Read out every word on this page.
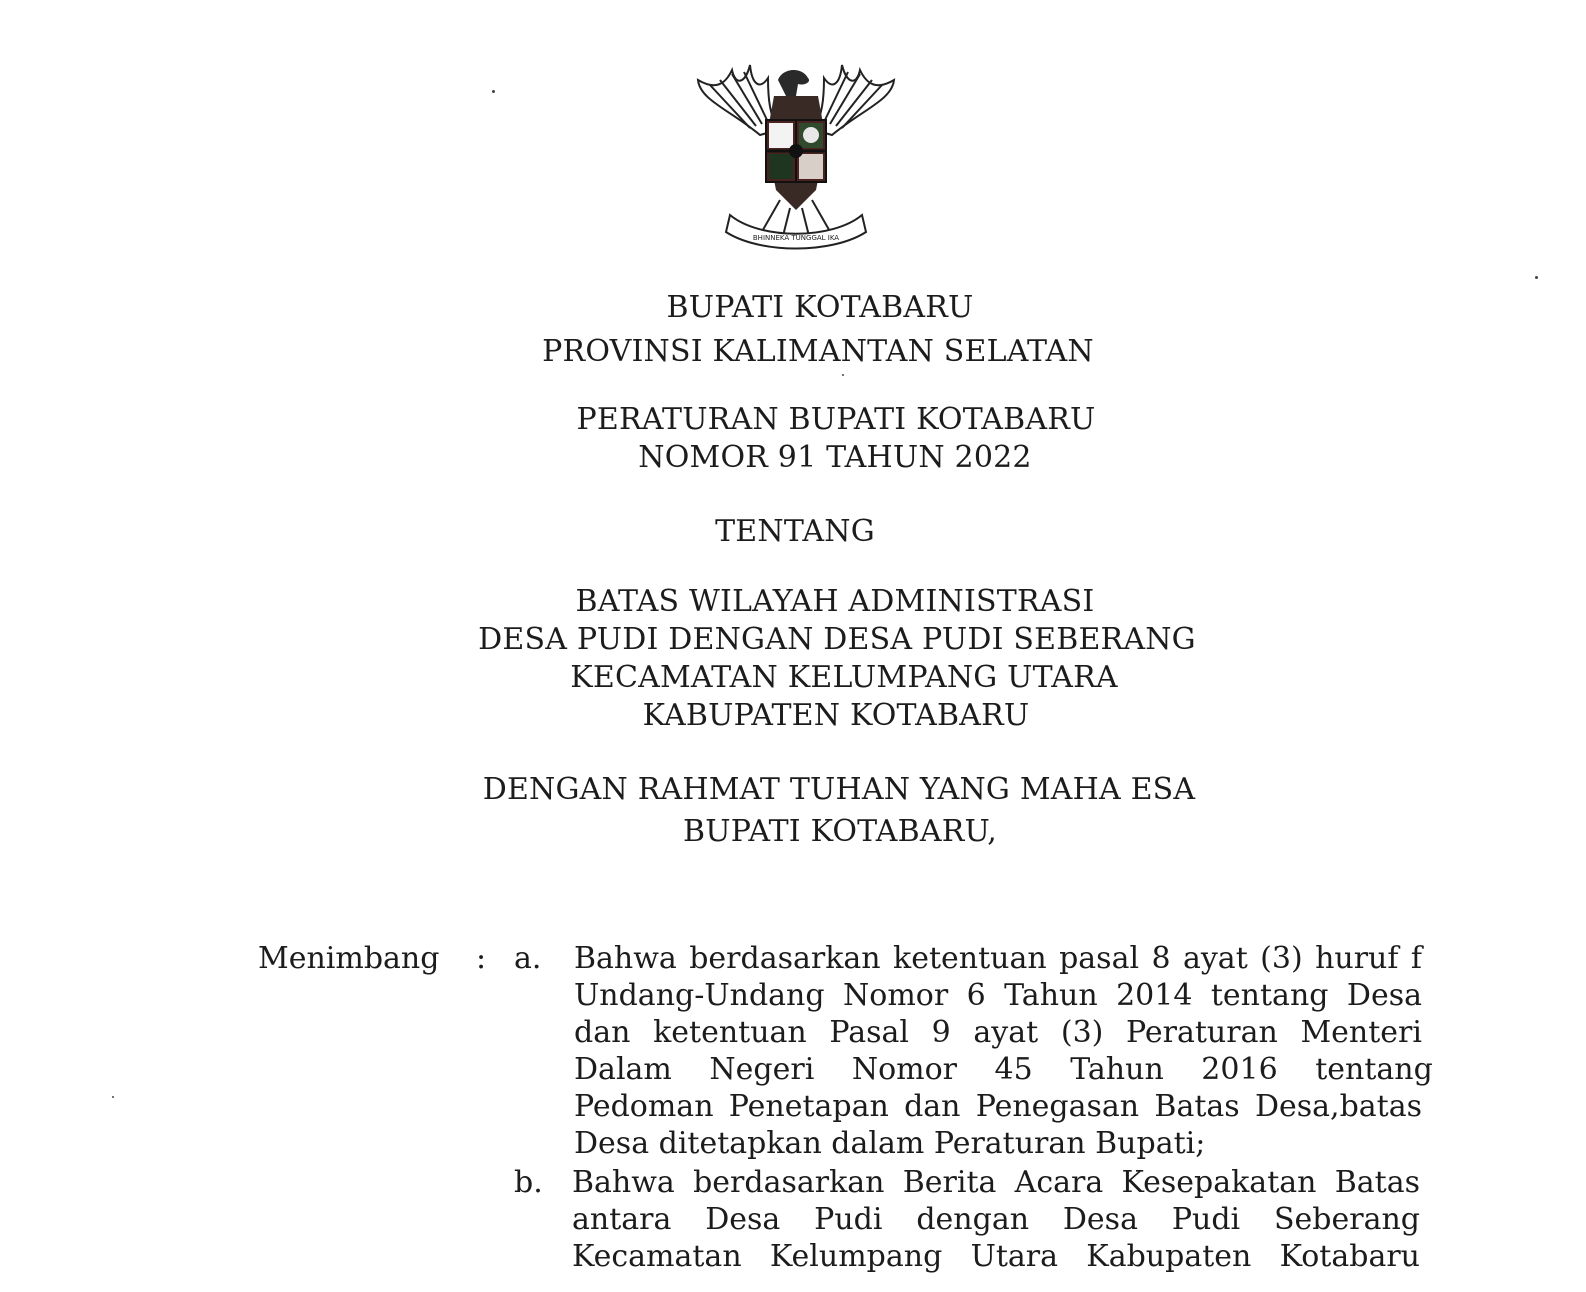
BHINNEKA TUNGGAL IKA
BUPATI KOTABARU
PROVINSI KALIMANTAN SELATAN
PERATURAN BUPATI KOTABARU
NOMOR 91 TAHUN 2022
TENTANG
BATAS WILAYAH ADMINISTRASI
DESA PUDI DENGAN DESA PUDI SEBERANG
KECAMATAN KELUMPANG UTARA
KABUPATEN KOTABARU
DENGAN RAHMAT TUHAN YANG MAHA ESA
BUPATI KOTABARU,
Menimbang : a. Bahwa berdasarkan ketentuan pasal 8 ayat (3) huruf f
Undang-Undang Nomor 6 Tahun 2014 tentang Desa
dan ketentuan Pasal 9 ayat (3) Peraturan Menteri
Dalam Negeri Nomor 45 Tahun 2016 tentang
Pedoman Penetapan dan Penegasan Batas Desa,batas
Desa ditetapkan dalam Peraturan Bupati;
b. Bahwa berdasarkan Berita Acara Kesepakatan Batas
antara Desa Pudi dengan Desa Pudi Seberang
Kecamatan Kelumpang Utara Kabupaten Kotabaru
